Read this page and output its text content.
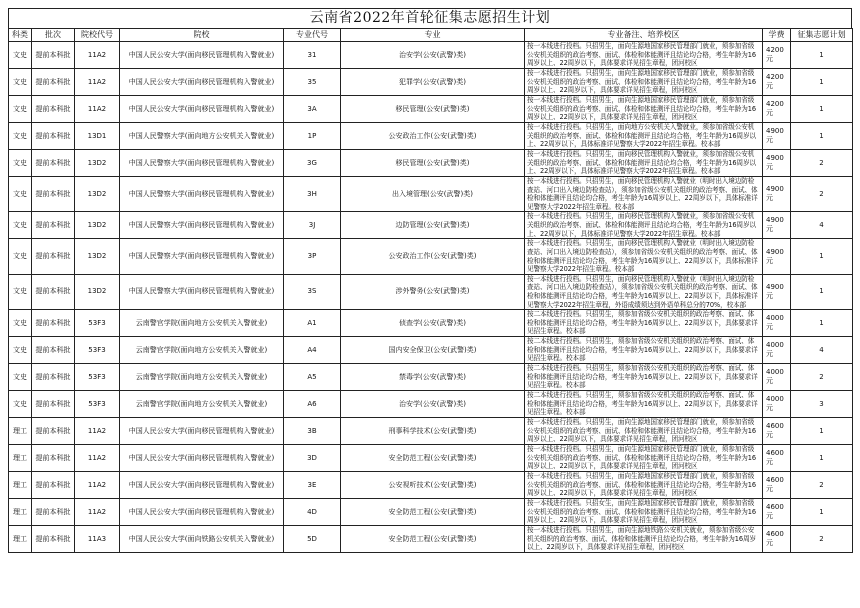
云南省2022年首轮征集志愿招生计划
科类	批次	院校代号	院校	专业代号	专业	专业备注、培养校区	学费	征集志愿计划
文史	提前本科批	11A2	中国人民公安大学(面向移民管理机构入警就业)	31	治安学(公安(武警)类)	按一本线进行投档。只招男生，面向生源地国家移民管理部门就业，须参加省级公安机关组织的政治考察、面试、体检和体能测评且结论均合格，考生年龄为16周岁以上、22周岁以下，具体要求详见招生章程，团河校区	4200元	1
文史	提前本科批	11A2	中国人民公安大学(面向移民管理机构入警就业)	35	犯罪学(公安(武警)类)	按一本线进行投档。只招男生，面向生源地国家移民管理部门就业，须参加省级公安机关组织的政治考察、面试、体检和体能测评且结论均合格，考生年龄为16周岁以上、22周岁以下，具体要求详见招生章程，团河校区	4200元	1
文史	提前本科批	11A2	中国人民公安大学(面向移民管理机构入警就业)	3A	移民管理(公安(武警)类)	按一本线进行投档。只招男生，面向生源地国家移民管理部门就业，须参加省级公安机关组织的政治考察、面试、体检和体能测评且结论均合格，考生年龄为16周岁以上、22周岁以下，具体要求详见招生章程，团河校区	4200元	1
文史	提前本科批	13D1	中国人民警察大学(面向地方公安机关入警就业)	1P	公安政治工作(公安(武警)类)	按一本线进行投档。只招男生，面向地方公安机关入警就业，须参加省级公安机关组织的政治考察、面试、体检和体能测评且结论均合格，考生年龄为16周岁以上、22周岁以下，具体标准详见警察大学2022年招生章程。校本部	4900元	1
文史	提前本科批	13D2	中国人民警察大学(面向移民管理机构入警就业)	3G	移民管理(公安(武警)类)	按一本线进行投档。只招男生，面向移民管理机构入警就业，须参加省级公安机关组织的政治考察、面试、体检和体能测评且结论均合格，考生年龄为16周岁以上、22周岁以下，具体标准详见警察大学2022年招生章程。校本部	4900元	2
文史	提前本科批	13D2	中国人民警察大学(面向移民管理机构入警就业)	3H	出入境管理(公安(武警)类)	按一本线进行投档。只招男生，面向移民管理机构入警就业（明时出入境边防检查站、河口出入境边防检查站），须参加省级公安机关组织的政治考察、面试、体检和体能测评且结论均合格，考生年龄为16周岁以上、22周岁以下，具体标准详见警察大学2022年招生章程。校本部	4900元	2
文史	提前本科批	13D2	中国人民警察大学(面向移民管理机构入警就业)	3J	边防管理(公安(武警)类)	按一本线进行投档。只招男生，面向移民管理机构入警就业，须参加省级公安机关组织的政治考察、面试、体检和体能测评且结论均合格，考生年龄为16周岁以上、22周岁以下，具体标准详见警察大学2022年招生章程。校本部	4900元	4
文史	提前本科批	13D2	中国人民警察大学(面向移民管理机构入警就业)	3P	公安政治工作(公安(武警)类)	按一本线进行投档。只招男生，面向移民管理机构入警就业（明时出入境边防检查站、河口出入境边防检查站），须参加省级公安机关组织的政治考察、面试、体检和体能测评且结论均合格，考生年龄为16周岁以上、22周岁以下，具体标准详见警察大学2022年招生章程。校本部	4900元	1
文史	提前本科批	13D2	中国人民警察大学(面向移民管理机构入警就业)	3S	涉外警务(公安(武警)类)	按一本线进行投档。只招男生，面向移民管理机构入警就业（明时出入境边防检查站、河口出入境边防检查站），须参加省级公安机关组织的政治考察、面试、体检和体能测评且结论均合格，考生年龄为16周岁以上、22周岁以下，具体标准详见警察大学2022年招生章程，外语成绩须达到外语单科总分的70%，校本部	4900元	1
文史	提前本科批	53F3	云南警官学院(面向地方公安机关入警就业)	A1	侦查学(公安(武警)类)	按二本线进行投档。只招男生，须参加省级公安机关组织的政治考察、面试、体检和体能测评且结论均合格，考生年龄为16周岁以上、22周岁以下，具体要求详见招生章程。校本部	4000元	1
文史	提前本科批	53F3	云南警官学院(面向地方公安机关入警就业)	A4	国内安全保卫(公安(武警)类)	按二本线进行投档。只招男生，须参加省级公安机关组织的政治考察、面试、体检和体能测评且结论均合格，考生年龄为16周岁以上、22周岁以下，具体要求详见招生章程。校本部	4000元	4
文史	提前本科批	53F3	云南警官学院(面向地方公安机关入警就业)	A5	禁毒学(公安(武警)类)	按二本线进行投档。只招男生，须参加省级公安机关组织的政治考察、面试、体检和体能测评且结论均合格，考生年龄为16周岁以上、22周岁以下，具体要求详见招生章程。校本部	4000元	2
文史	提前本科批	53F3	云南警官学院(面向地方公安机关入警就业)	A6	治安学(公安(武警)类)	按二本线进行投档。只招男生，须参加省级公安机关组织的政治考察、面试、体检和体能测评且结论均合格，考生年龄为16周岁以上、22周岁以下，具体要求详见招生章程。校本部	4000元	3
理工	提前本科批	11A2	中国人民公安大学(面向移民管理机构入警就业)	3B	刑事科学技术(公安(武警)类)	按一本线进行投档。只招男生，面向生源地国家移民管理部门就业，须参加省级公安机关组织的政治考察、面试、体检和体能测评且结论均合格，考生年龄为16周岁以上、22周岁以下，具体要求详见招生章程，团河校区	4600元	1
理工	提前本科批	11A2	中国人民公安大学(面向移民管理机构入警就业)	3D	安全防范工程(公安(武警)类)	按一本线进行投档。只招男生，面向生源地国家移民管理部门就业，须参加省级公安机关组织的政治考察、面试、体检和体能测评且结论均合格，考生年龄为16周岁以上、22周岁以下，具体要求详见招生章程，团河校区	4600元	1
理工	提前本科批	11A2	中国人民公安大学(面向移民管理机构入警就业)	3E	公安视听技术(公安(武警)类)	按一本线进行投档。只招男生，面向生源地国家移民管理部门就业，须参加省级公安机关组织的政治考察、面试、体检和体能测评且结论均合格，考生年龄为16周岁以上、22周岁以下，具体要求详见招生章程，团河校区	4600元	2
理工	提前本科批	11A2	中国人民公安大学(面向移民管理机构入警就业)	4D	安全防范工程(公安(武警)类)	按一本线进行投档。只招女生，面向生源地国家移民管理部门就业，须参加省级公安机关组织的政治考察、面试、体检和体能测评且结论均合格，考生年龄为16周岁以上、22周岁以下，具体要求详见招生章程，团河校区	4600元	1
理工	提前本科批	11A3	中国人民公安大学(面向铁路公安机关入警就业)	5D	安全防范工程(公安(武警)类)	按一本线进行投档。只招男生，面向生源地铁路公安机关就业，须参加省级公安机关组织的政治考察、面试、体检和体能测评且结论均合格，考生年龄为16周岁以上、22周岁以下，具体要求详见招生章程，团河校区	4600元	2
